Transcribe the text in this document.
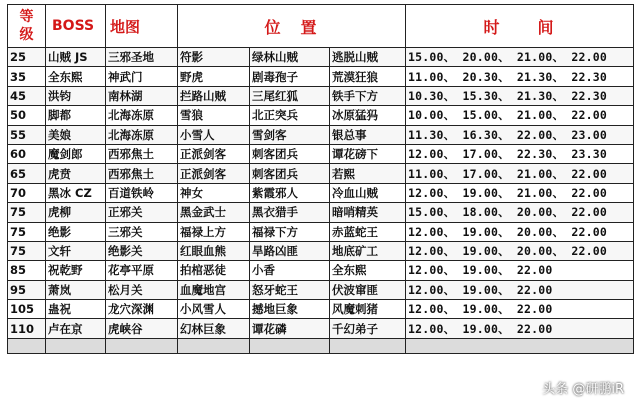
等
级	BOSS	地图	位　置			时　　间
25	山贼 JS	三邪圣地	符影	绿林山贼	逃脱山贼	15.00、 20.00、 21.00、 22.00
35	全东熙	神武门	野虎	剧毒孢子	荒漠狂狼	11.00、 20.30、 21.30、 22.30
45	洪钧	南林湖	拦路山贼	三尾红狐	铁手下方	10.30、 15.30、 21.30、 22.30
50	脚都	北海冻原	雪狼	北正突兵	冰原猛犸	10.00、 15.00、 21.00、 22.00
55	美娘	北海冻原	小雪人	雪剑客	银总事	11.30、 16.30、 22.00、 23.00
60	魔剑郎	西邪焦土	正派剑客	刺客团兵	谭花磅下	12.00、 17.00、 22.30、 23.30
65	虎贲	西邪焦土	正派剑客	刺客团兵	若熙	11.00、 17.00、 21.00、 22.00
70	黑冰 CZ	百道铁岭	神女	紫霞邪人	冷血山贼	12.00、 19.00、 21.00、 22.00
75	虎柳	正邪关	黑金武士	黑衣猎手	暗哨精英	15.00、 18.00、 20.00、 22.00
75	绝影	三邪关	福禄上方	福禄下方	赤蓝蛇王	12.00、 19.00、 20.00、 22.00
75	文轩	绝影关	红眼血熊	旱路凶匪	地底矿工	12.00、 19.00、 20.00、 22.00
85	祝乾野	花亭平原	拍棺恶徒	小香	全东熙	12.00、 19.00、 22.00
95	萧岚	松月关	血魔地宫	怒牙蛇王	伏波窜匪	12.00、 19.00、 22.00
105	蛊祝	龙穴深渊	小风雪人	撼地巨象	风魔刺猪	12.00、 19.00、 22.00
110	卢在京	虎峡谷	幻林巨象	谭花磷	千幻弟子	12.00、 19.00、 22.00

头条 @研鹏iR
